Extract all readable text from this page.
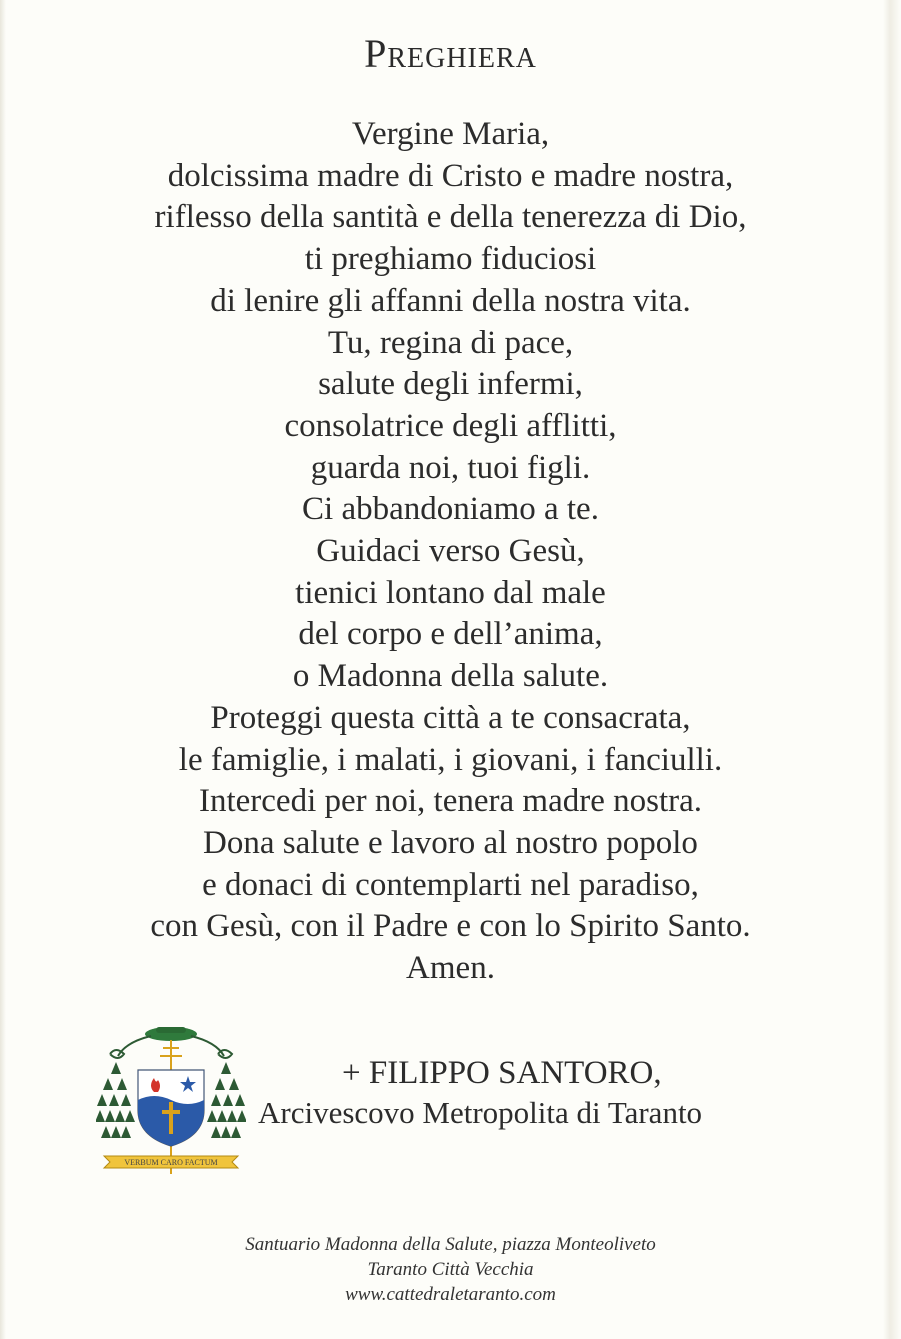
Preghiera
Vergine Maria,
dolcissima madre di Cristo e madre nostra,
riflesso della santità e della tenerezza di Dio,
ti preghiamo fiduciosi
di lenire gli affanni della nostra vita.
Tu, regina di pace,
salute degli infermi,
consolatrice degli afflitti,
guarda noi, tuoi figli.
Ci abbandoniamo a te.
Guidaci verso Gesù,
tienici lontano dal male
del corpo e dell’anima,
o Madonna della salute.
Proteggi questa città a te consacrata,
le famiglie, i malati, i giovani, i fanciulli.
Intercedi per noi, tenera madre nostra.
Dona salute e lavoro al nostro popolo
e donaci di contemplarti nel paradiso,
con Gesù, con il Padre e con lo Spirito Santo.
Amen.
VERBUM CARO FACTUM
+ FILIPPO SANTORO,
Arcivescovo Metropolita di Taranto
Santuario Madonna della Salute, piazza Monteoliveto
Taranto Città Vecchia
www.cattedraletaranto.com
